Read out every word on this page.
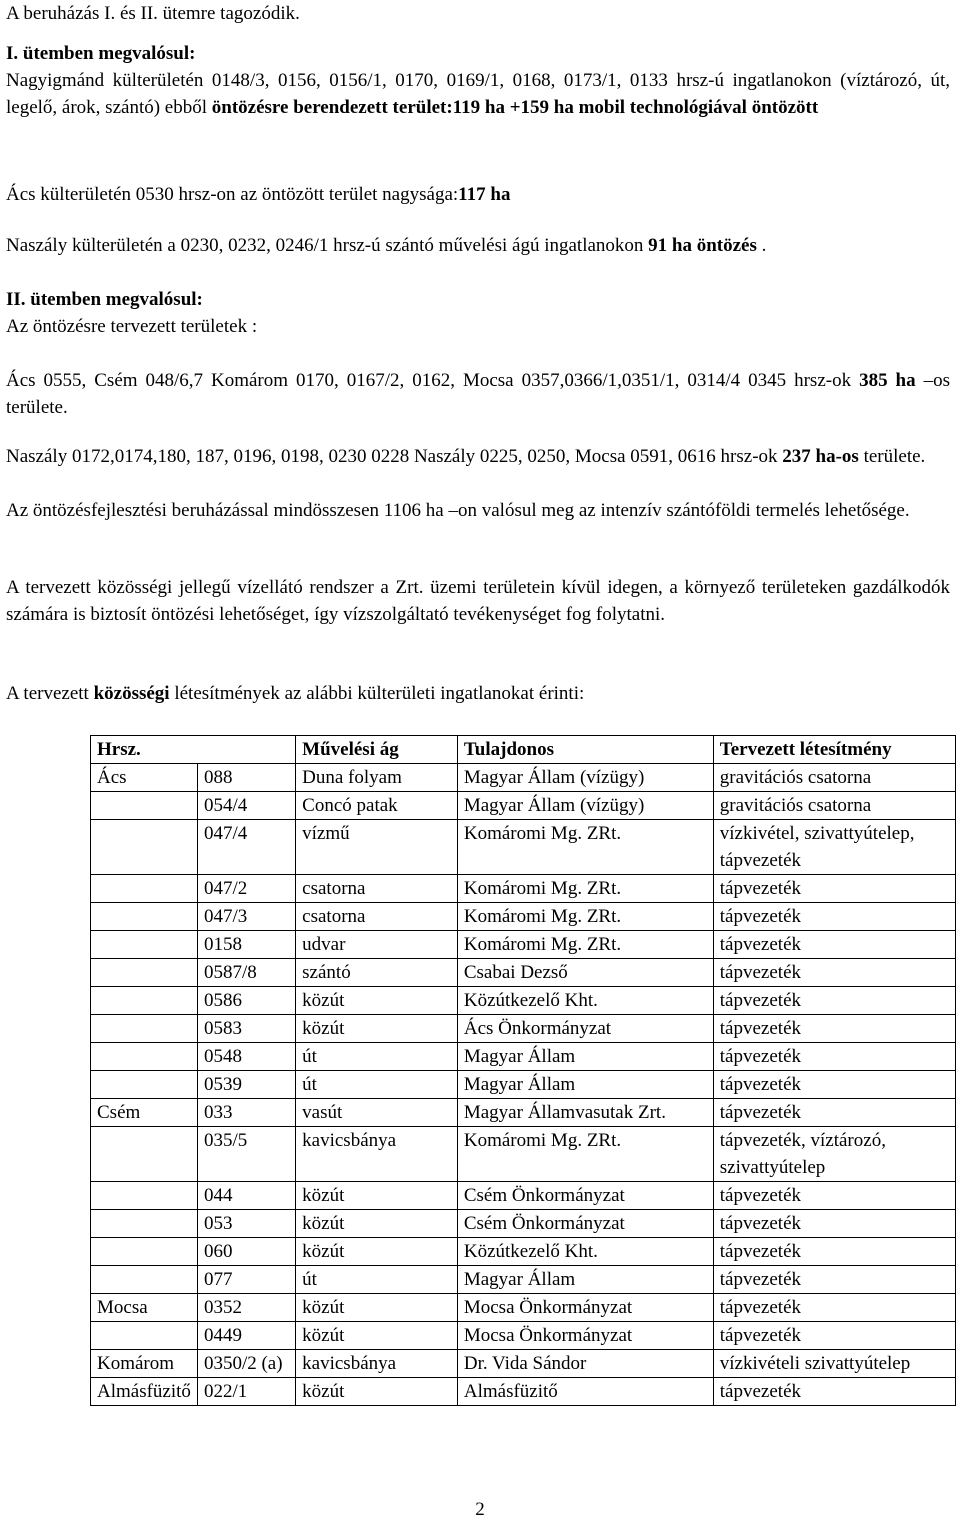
A beruházás I. és II. ütemre tagozódik.
I. ütemben megvalósul:
Nagyigmánd külterületén 0148/3, 0156, 0156/1, 0170, 0169/1, 0168, 0173/1, 0133 hrsz-ú ingatlanokon (víztározó, út, legelő, árok, szántó) ebből öntözésre berendezett terület:119 ha +159 ha mobil technológiával öntözött
Ács külterületén 0530 hrsz-on az öntözött terület nagysága:117 ha
Naszály külterületén a 0230, 0232, 0246/1 hrsz-ú szántó művelési ágú ingatlanokon 91 ha öntözés .
II. ütemben megvalósul:
Az öntözésre tervezett területek :
Ács 0555, Csém 048/6,7 Komárom 0170, 0167/2, 0162, Mocsa 0357,0366/1,0351/1, 0314/4 0345 hrsz-ok 385 ha –os területe.
Naszály 0172,0174,180, 187, 0196, 0198, 0230 0228 Naszály 0225, 0250, Mocsa 0591, 0616 hrsz-ok 237 ha-os területe.
Az öntözésfejlesztési beruházással mindösszesen 1106 ha –on valósul meg az intenzív szántóföldi termelés lehetősége.
A tervezett közösségi jellegű vízellátó rendszer a Zrt. üzemi területein kívül idegen, a környező területeken gazdálkodók számára is biztosít öntözési lehetőséget, így vízszolgáltató tevékenységet fog folytatni.
A tervezett közösségi létesítmények az alábbi külterületi ingatlanokat érinti:
Hrsz.		Művelési ág	Tulajdonos	Tervezett létesítmény
Ács	088	Duna folyam	Magyar Állam (vízügy)	gravitációs csatorna
	054/4	Concó patak	Magyar Állam (vízügy)	gravitációs csatorna
	047/4	vízmű	Komáromi Mg. ZRt.	vízkivétel, szivattyútelep, tápvezeték
	047/2	csatorna	Komáromi Mg. ZRt.	tápvezeték
	047/3	csatorna	Komáromi Mg. ZRt.	tápvezeték
	0158	udvar	Komáromi Mg. ZRt.	tápvezeték
	0587/8	szántó	Csabai Dezső	tápvezeték
	0586	közút	Közútkezelő Kht.	tápvezeték
	0583	közút	Ács Önkormányzat	tápvezeték
	0548	út	Magyar Állam	tápvezeték
	0539	út	Magyar Állam	tápvezeték
Csém	033	vasút	Magyar Államvasutak Zrt.	tápvezeték
	035/5	kavicsbánya	Komáromi Mg. ZRt.	tápvezeték, víztározó, szivattyútelep
	044	közút	Csém Önkormányzat	tápvezeték
	053	közút	Csém Önkormányzat	tápvezeték
	060	közút	Közútkezelő Kht.	tápvezeték
	077	út	Magyar Állam	tápvezeték
Mocsa	0352	közút	Mocsa Önkormányzat	tápvezeték
	0449	közút	Mocsa Önkormányzat	tápvezeték
Komárom	0350/2 (a)	kavicsbánya	Dr. Vida Sándor	vízkivételi szivattyútelep
Almásfüzitő	022/1	közút	Almásfüzitő	tápvezeték
2
